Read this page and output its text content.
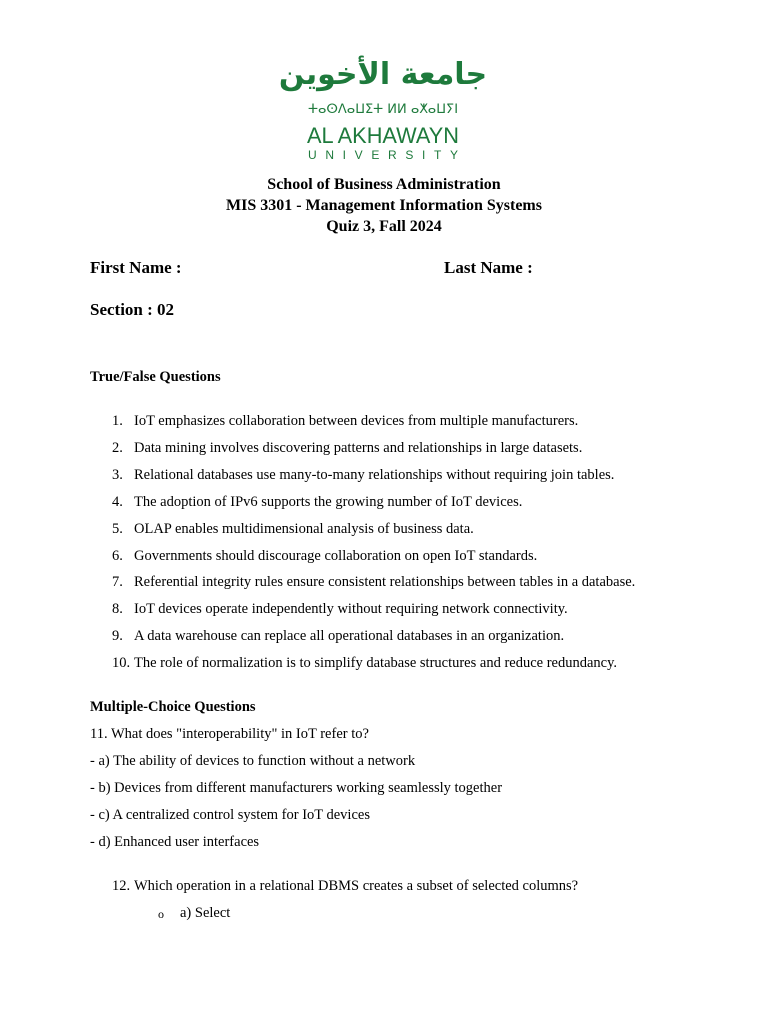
جامعة الأخوين
ⵜⴰⵙⴷⴰⵡⵉⵜ ⵍⵍ ⴰⵅⴰⵡⵢⵏ
AL AKHAWAYN
UNIVERSITY
School of Business Administration
MIS 3301 - Management Information Systems
Quiz 3, Fall 2024
First Name :	Last Name :
Section : 02
True/False Questions
1. IoT emphasizes collaboration between devices from multiple manufacturers.
2. Data mining involves discovering patterns and relationships in large datasets.
3. Relational databases use many-to-many relationships without requiring join tables.
4. The adoption of IPv6 supports the growing number of IoT devices.
5. OLAP enables multidimensional analysis of business data.
6. Governments should discourage collaboration on open IoT standards.
7. Referential integrity rules ensure consistent relationships between tables in a database.
8. IoT devices operate independently without requiring network connectivity.
9. A data warehouse can replace all operational databases in an organization.
10. The role of normalization is to simplify database structures and reduce redundancy.
Multiple-Choice Questions
11. What does "interoperability" in IoT refer to?
- a) The ability of devices to function without a network
- b) Devices from different manufacturers working seamlessly together
- c) A centralized control system for IoT devices
- d) Enhanced user interfaces
12. Which operation in a relational DBMS creates a subset of selected columns?
o a) Select
